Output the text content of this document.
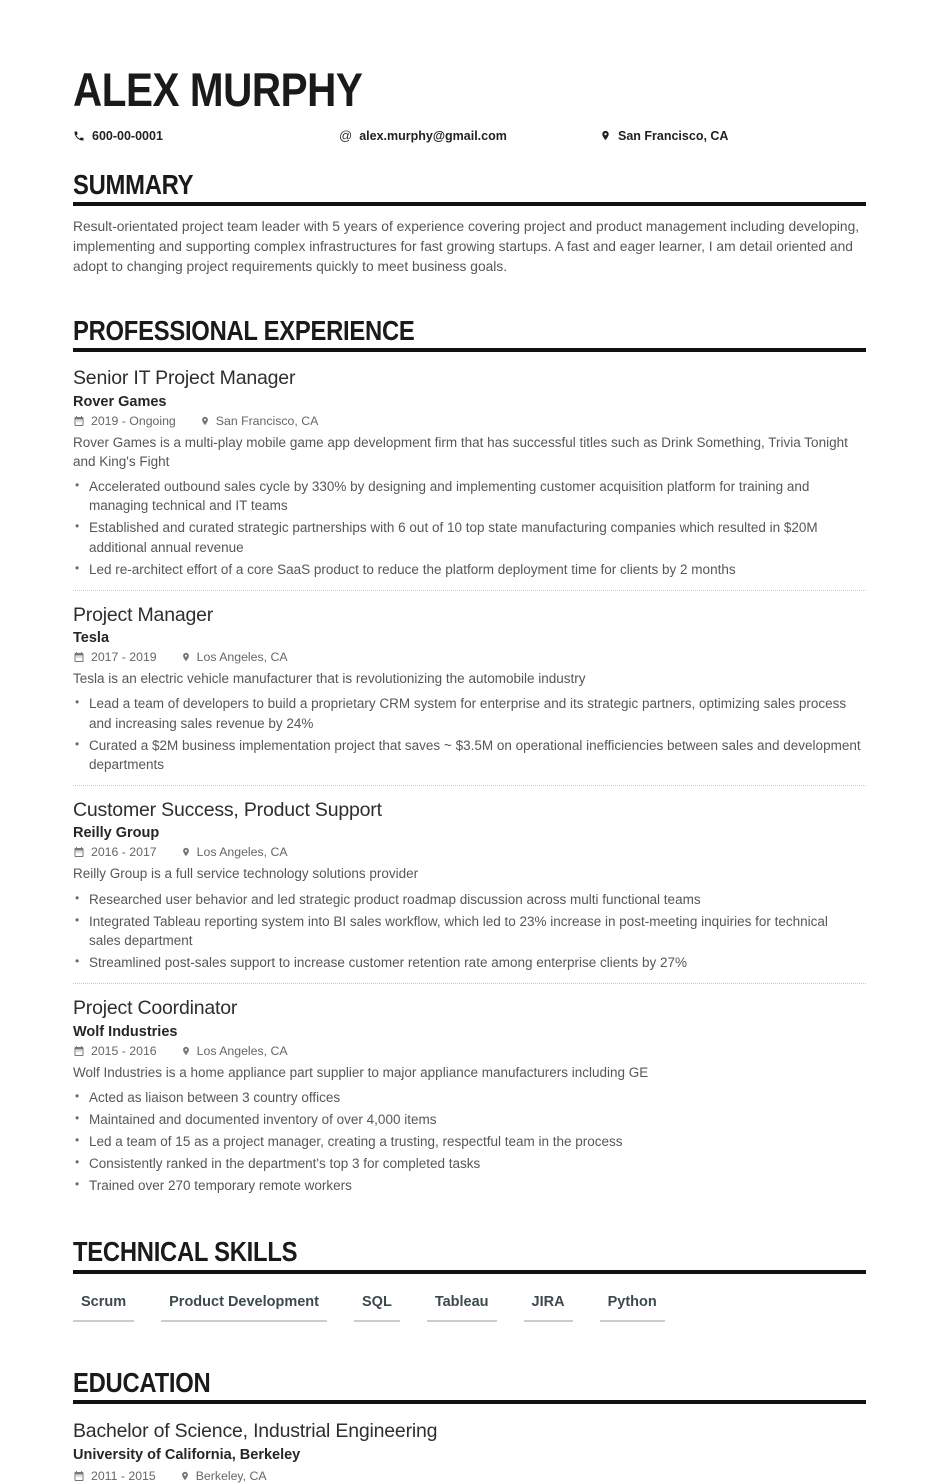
ALEX MURPHY
600-00-0001	@ alex.murphy@gmail.com	San Francisco, CA
SUMMARY

Result-orientated project team leader with 5 years of experience covering project and product management including developing, implementing and supporting complex infrastructures for fast growing startups. A fast and eager learner, I am detail oriented and adopt to changing project requirements quickly to meet business goals.

PROFESSIONAL EXPERIENCE
Senior IT Project Manager
Rover Games
2019 - Ongoing	San Francisco, CA

Rover Games is a multi-play mobile game app development firm that has successful titles such as Drink Something, Trivia Tonight and King's Fight

• Accelerated outbound sales cycle by 330% by designing and implementing customer acquisition platform for training and managing technical and IT teams
• Established and curated strategic partnerships with 6 out of 10 top state manufacturing companies which resulted in $20M additional annual revenue
• Led re-architect effort of a core SaaS product to reduce the platform deployment time for clients by 2 months
Project Manager
Tesla
2017 - 2019	Los Angeles, CA

Tesla is an electric vehicle manufacturer that is revolutionizing the automobile industry

• Lead a team of developers to build a proprietary CRM system for enterprise and its strategic partners, optimizing sales process and increasing sales revenue by 24%
• Curated a $2M business implementation project that saves ~ $3.5M on operational inefficiencies between sales and development departments
Customer Success, Product Support
Reilly Group
2016 - 2017	Los Angeles, CA

Reilly Group is a full service technology solutions provider

• Researched user behavior and led strategic product roadmap discussion across multi functional teams
• Integrated Tableau reporting system into BI sales workflow, which led to 23% increase in post-meeting inquiries for technical sales department
• Streamlined post-sales support to increase customer retention rate among enterprise clients by 27%
Project Coordinator
Wolf Industries
2015 - 2016	Los Angeles, CA

Wolf Industries is a home appliance part supplier to major appliance manufacturers including GE

• Acted as liaison between 3 country offices
• Maintained and documented inventory of over 4,000 items
• Led a team of 15 as a project manager, creating a trusting, respectful team in the process
• Consistently ranked in the department's top 3 for completed tasks
• Trained over 270 temporary remote workers
TECHNICAL SKILLS
Scrum	Product Development	SQL	Tableau	JIRA	Python
EDUCATION
Bachelor of Science, Industrial Engineering
University of California, Berkeley
2011 - 2015	Berkeley, CA
